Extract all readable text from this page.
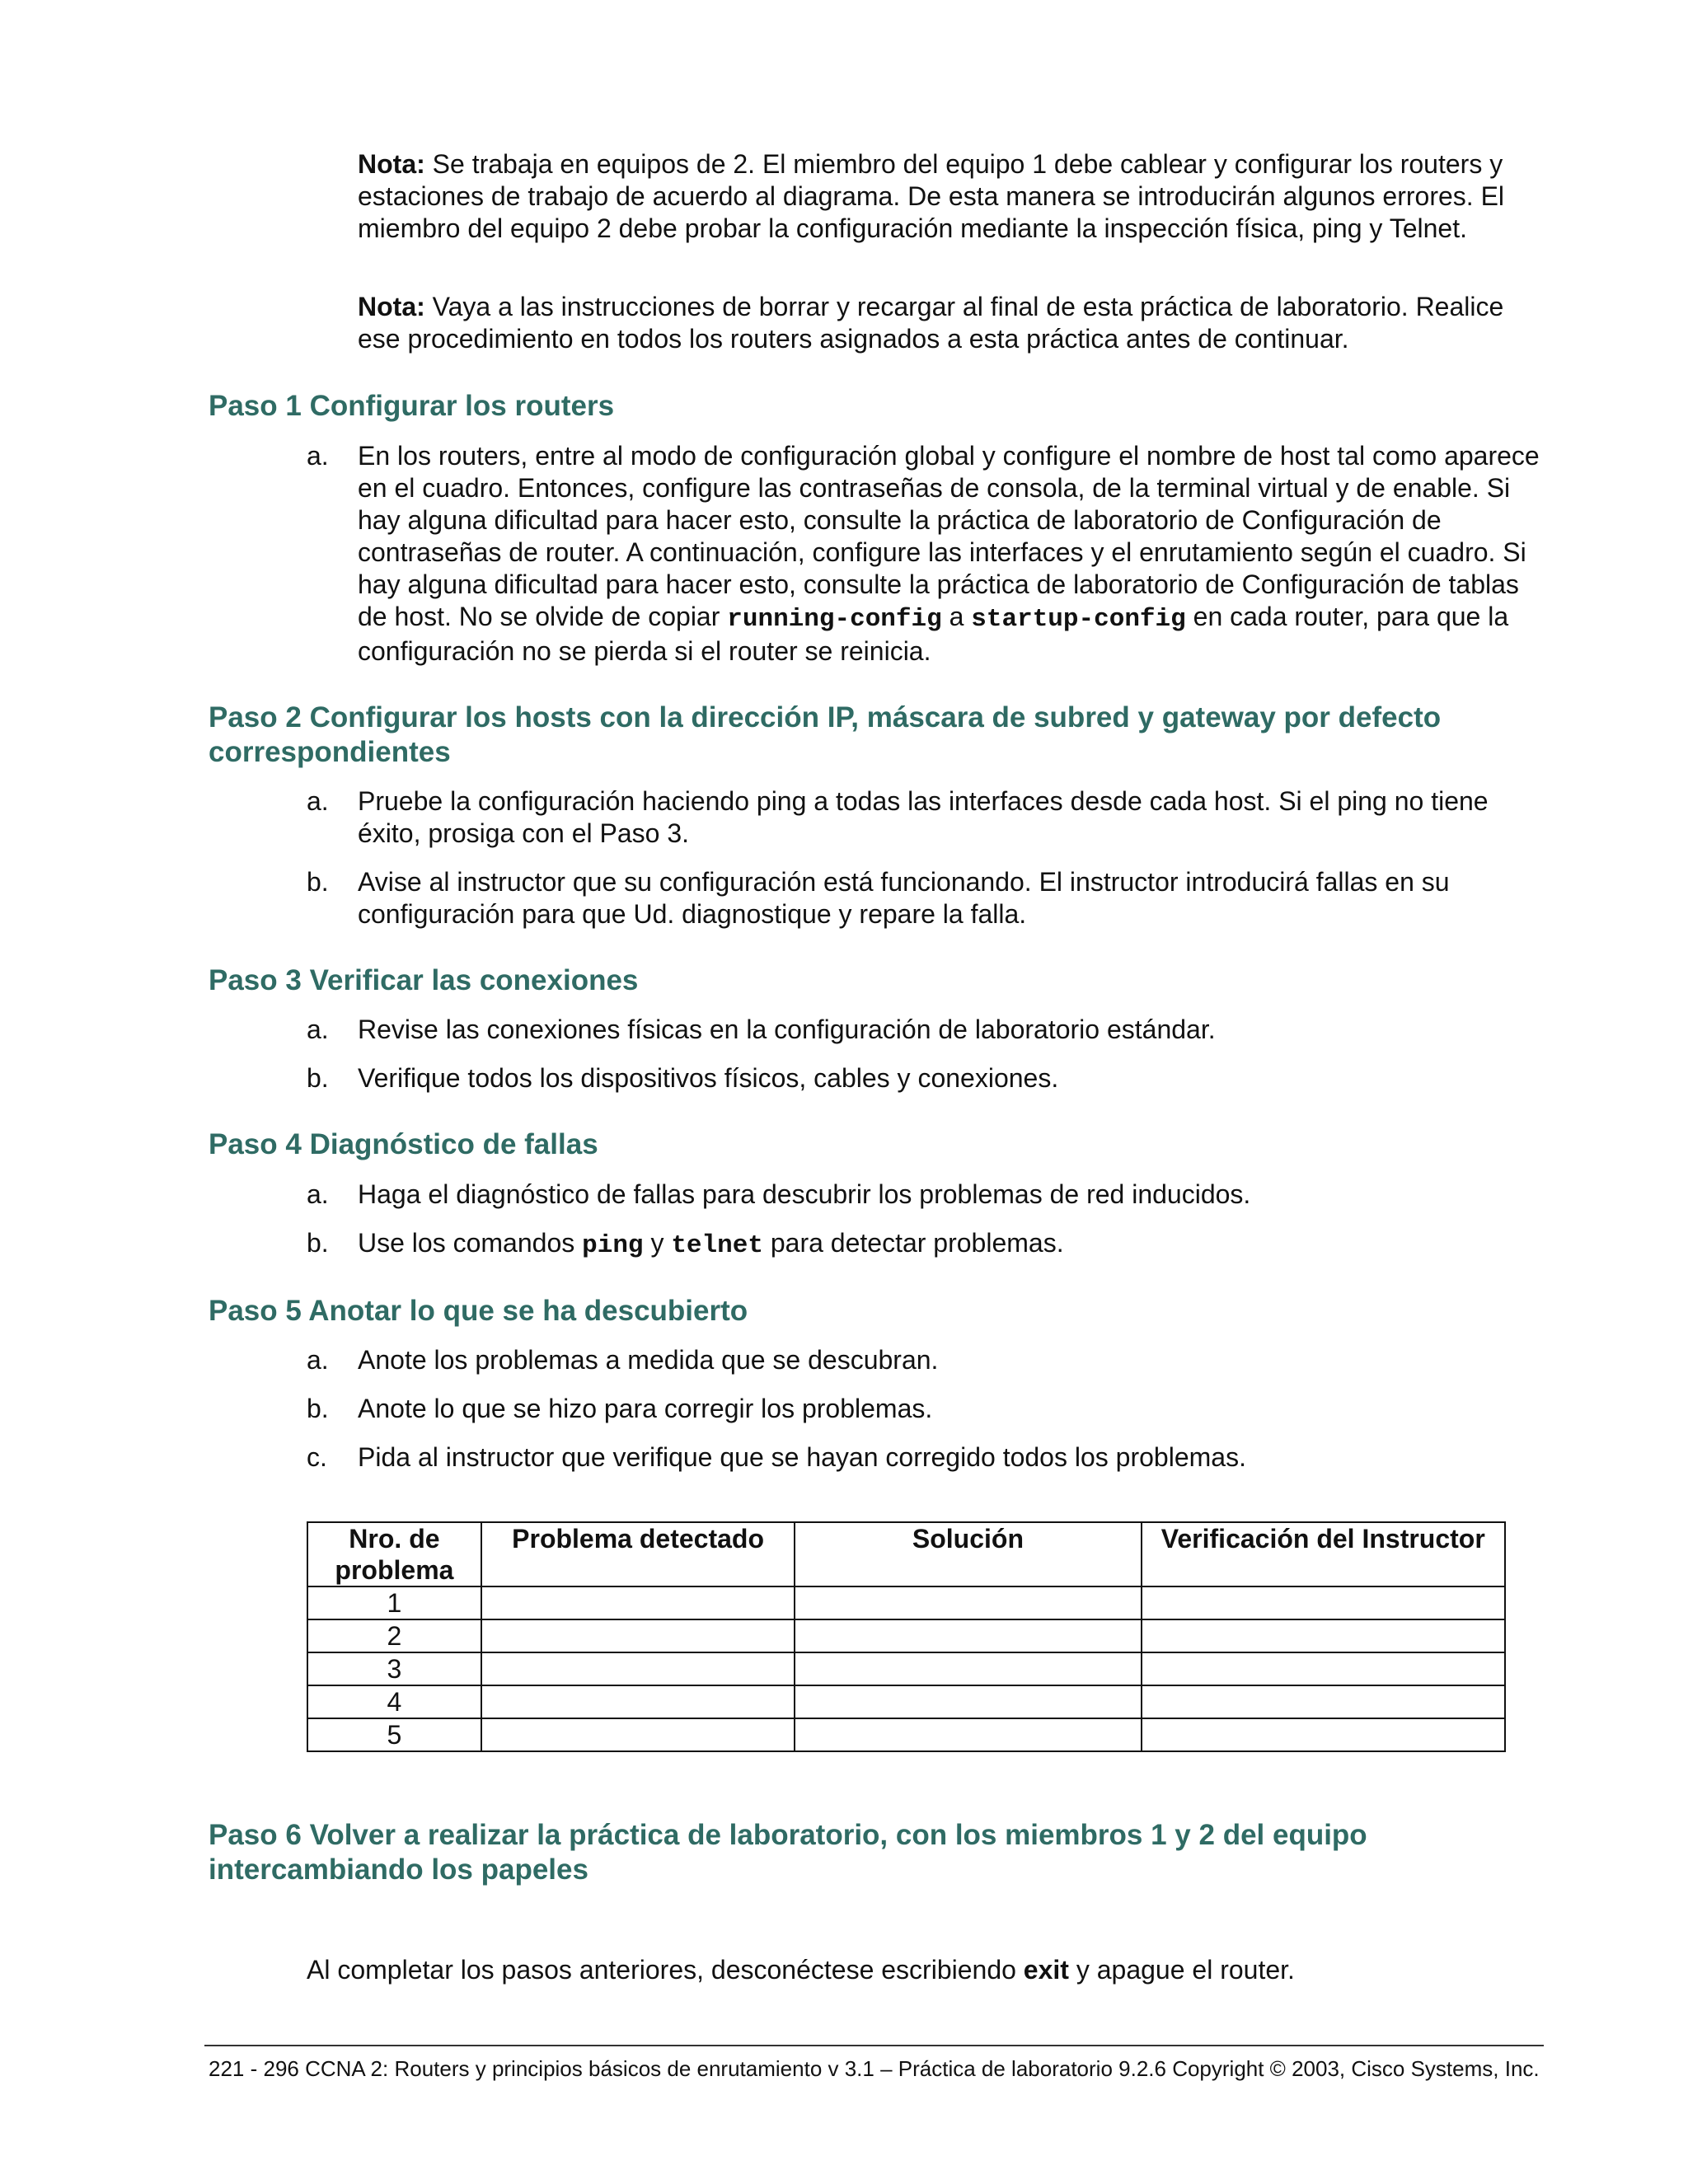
Nota: Se trabaja en equipos de 2. El miembro del equipo 1 debe cablear y configurar los routers y estaciones de trabajo de acuerdo al diagrama. De esta manera se introducirán algunos errores. El miembro del equipo 2 debe probar la configuración mediante la inspección física, ping y Telnet.
Nota: Vaya a las instrucciones de borrar y recargar al final de esta práctica de laboratorio. Realice ese procedimiento en todos los routers asignados a esta práctica antes de continuar.
Paso 1 Configurar los routers
a.	En los routers, entre al modo de configuración global y configure el nombre de host tal como aparece en el cuadro. Entonces, configure las contraseñas de consola, de la terminal virtual y de enable. Si hay alguna dificultad para hacer esto, consulte la práctica de laboratorio de Configuración de contraseñas de router. A continuación, configure las interfaces y el enrutamiento según el cuadro. Si hay alguna dificultad para hacer esto, consulte la práctica de laboratorio de Configuración de tablas de host. No se olvide de copiar running-config a startup-config en cada router, para que la configuración no se pierda si el router se reinicia.
Paso 2 Configurar los hosts con la dirección IP, máscara de subred y gateway por defecto correspondientes
a.	Pruebe la configuración haciendo ping a todas las interfaces desde cada host. Si el ping no tiene éxito, prosiga con el Paso 3.
b.	Avise al instructor que su configuración está funcionando. El instructor introducirá fallas en su configuración para que Ud. diagnostique y repare la falla.
Paso 3 Verificar las conexiones
a.	Revise las conexiones físicas en la configuración de laboratorio estándar.
b.	Verifique todos los dispositivos físicos, cables y conexiones.
Paso 4 Diagnóstico de fallas
a.	Haga el diagnóstico de fallas para descubrir los problemas de red inducidos.
b.	Use los comandos ping y telnet para detectar problemas.
Paso 5 Anotar lo que se ha descubierto
a.	Anote los problemas a medida que se descubran.
b.	Anote lo que se hizo para corregir los problemas.
c.	Pida al instructor que verifique que se hayan corregido todos los problemas.
Nro. de problema	Problema detectado	Solución	Verificación del Instructor
1			
2			
3			
4			
5			
Paso 6 Volver a realizar la práctica de laboratorio, con los miembros 1 y 2 del equipo intercambiando los papeles
Al completar los pasos anteriores, desconéctese escribiendo exit y apague el router.
221 - 296 CCNA 2: Routers y principios básicos de enrutamiento v 3.1 – Práctica de laboratorio 9.2.6 Copyright © 2003, Cisco Systems, Inc.
